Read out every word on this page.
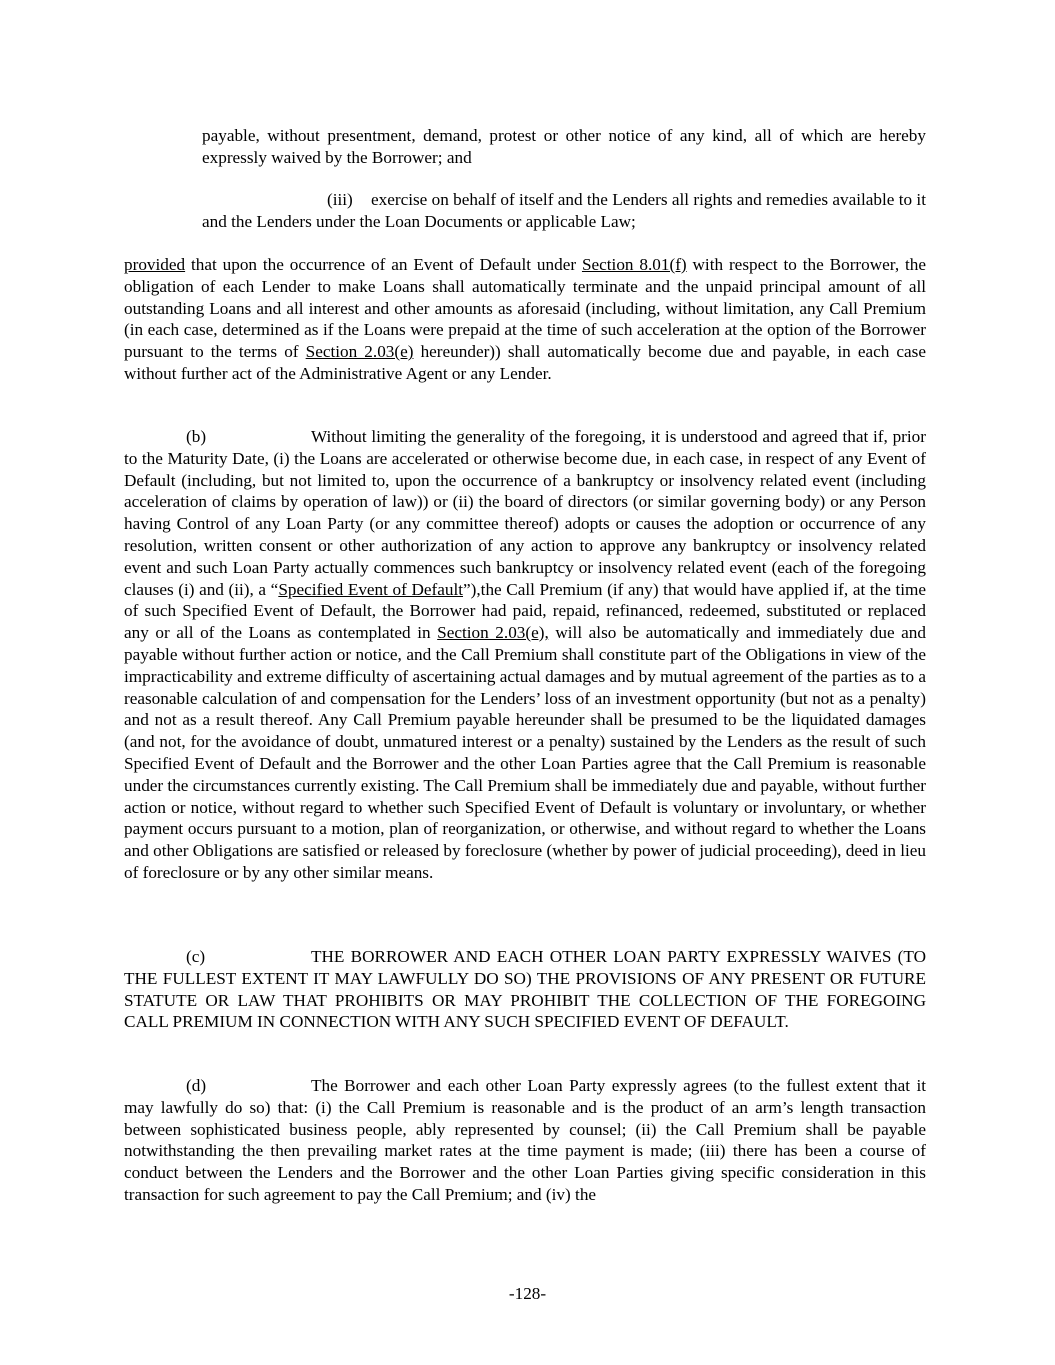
payable, without presentment, demand, protest or other notice of any kind, all of which are hereby expressly waived by the Borrower; and

(iii) exercise on behalf of itself and the Lenders all rights and remedies available to it and the Lenders under the Loan Documents or applicable Law;

provided that upon the occurrence of an Event of Default under Section 8.01(f) with respect to the Borrower, the obligation of each Lender to make Loans shall automatically terminate and the unpaid principal amount of all outstanding Loans and all interest and other amounts as aforesaid (including, without limitation, any Call Premium (in each case, determined as if the Loans were prepaid at the time of such acceleration at the option of the Borrower pursuant to the terms of Section 2.03(e) hereunder)) shall automatically become due and payable, in each case without further act of the Administrative Agent or any Lender.

(b)	Without limiting the generality of the foregoing, it is understood and agreed that if, prior to the Maturity Date, (i) the Loans are accelerated or otherwise become due, in each case, in respect of any Event of Default (including, but not limited to, upon the occurrence of a bankruptcy or insolvency related event (including acceleration of claims by operation of law)) or (ii) the board of directors (or similar governing body) or any Person having Control of any Loan Party (or any committee thereof) adopts or causes the adoption or occurrence of any resolution, written consent or other authorization of any action to approve any bankruptcy or insolvency related event and such Loan Party actually commences such bankruptcy or insolvency related event (each of the foregoing clauses (i) and (ii), a “Specified Event of Default”),the Call Premium (if any) that would have applied if, at the time of such Specified Event of Default, the Borrower had paid, repaid, refinanced, redeemed, substituted or replaced any or all of the Loans as contemplated in Section 2.03(e), will also be automatically and immediately due and payable without further action or notice, and the Call Premium shall constitute part of the Obligations in view of the impracticability and extreme difficulty of ascertaining actual damages and by mutual agreement of the parties as to a reasonable calculation of and compensation for the Lenders’ loss of an investment opportunity (but not as a penalty) and not as a result thereof. Any Call Premium payable hereunder shall be presumed to be the liquidated damages (and not, for the avoidance of doubt, unmatured interest or a penalty) sustained by the Lenders as the result of such Specified Event of Default and the Borrower and the other Loan Parties agree that the Call Premium is reasonable under the circumstances currently existing. The Call Premium shall be immediately due and payable, without further action or notice, without regard to whether such Specified Event of Default is voluntary or involuntary, or whether payment occurs pursuant to a motion, plan of reorganization, or otherwise, and without regard to whether the Loans and other Obligations are satisfied or released by foreclosure (whether by power of judicial proceeding), deed in lieu of foreclosure or by any other similar means.

(c)	THE BORROWER AND EACH OTHER LOAN PARTY EXPRESSLY WAIVES (TO THE FULLEST EXTENT IT MAY LAWFULLY DO SO) THE PROVISIONS OF ANY PRESENT OR FUTURE STATUTE OR LAW THAT PROHIBITS OR MAY PROHIBIT THE COLLECTION OF THE FOREGOING CALL PREMIUM IN CONNECTION WITH ANY SUCH SPECIFIED EVENT OF DEFAULT.

(d)	The Borrower and each other Loan Party expressly agrees (to the fullest extent that it may lawfully do so) that: (i) the Call Premium is reasonable and is the product of an arm’s length transaction between sophisticated business people, ably represented by counsel; (ii) the Call Premium shall be payable notwithstanding the then prevailing market rates at the time payment is made; (iii) there has been a course of conduct between the Lenders and the Borrower and the other Loan Parties giving specific consideration in this transaction for such agreement to pay the Call Premium; and (iv) the

-128-
